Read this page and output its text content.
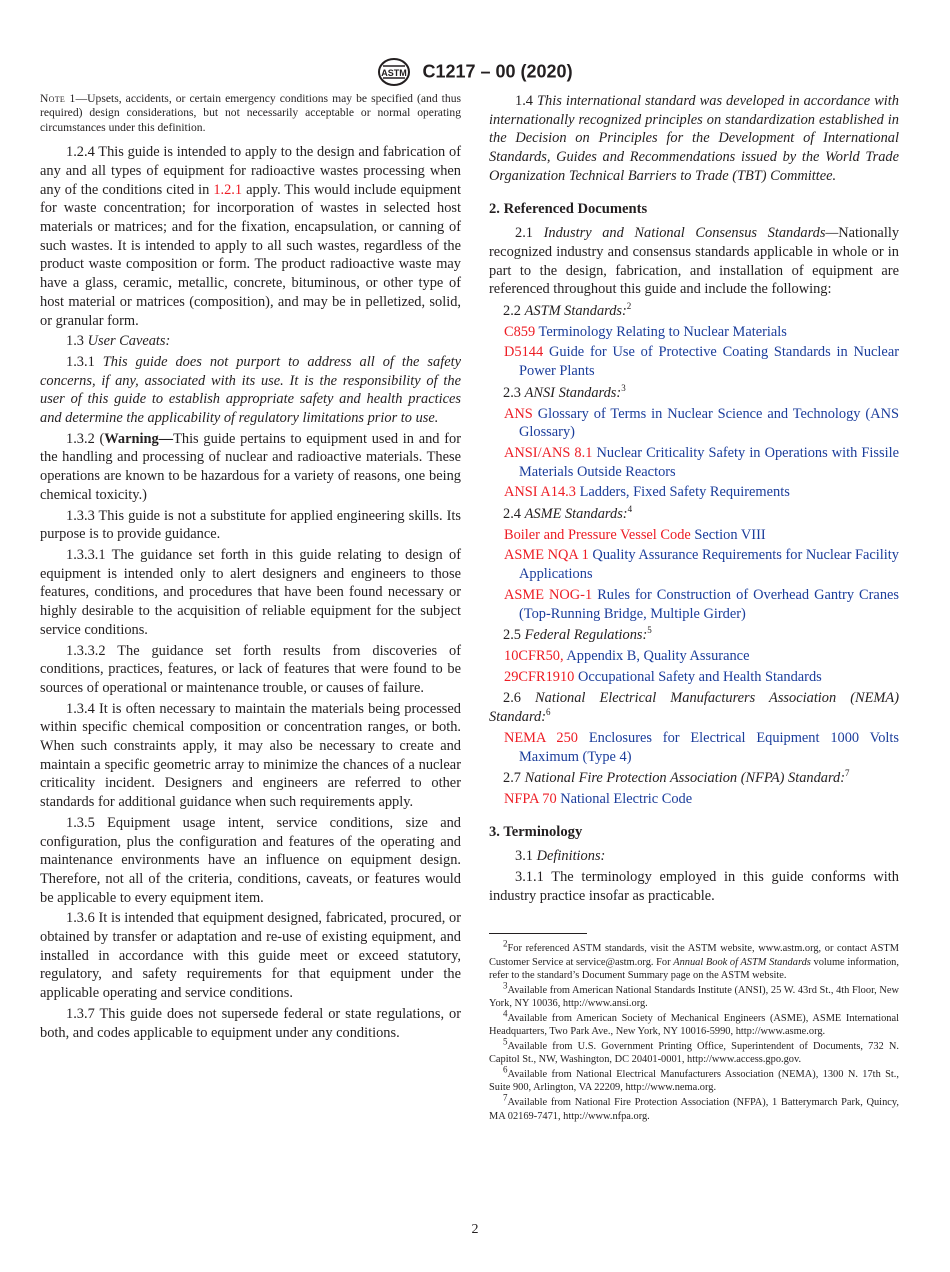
ASTM C1217 – 00 (2020)

Note 1—Upsets, accidents, or certain emergency conditions may be specified (and thus required) design considerations, but not necessarily acceptable or normal operating circumstances under this definition.

1.2.4 This guide is intended to apply to the design and fabrication of any and all types of equipment for radioactive wastes processing when any of the conditions cited in 1.2.1 apply. This would include equipment for waste concentration; for incorporation of wastes in selected host materials or matrices; and for the fixation, encapsulation, or canning of such wastes. It is intended to apply to all such wastes, regardless of the product waste composition or form. The product radioactive waste may have a glass, ceramic, metallic, concrete, bituminous, or other type of host material or matrices (composition), and may be in pelletized, solid, or granular form.

1.3 User Caveats:

1.3.1 This guide does not purport to address all of the safety concerns, if any, associated with its use. It is the responsibility of the user of this guide to establish appropriate safety and health practices and determine the applicability of regulatory limitations prior to use.

1.3.2 (Warning—This guide pertains to equipment used in and for the handling and processing of nuclear and radioactive materials. These operations are known to be hazardous for a variety of reasons, one being chemical toxicity.)

1.3.3 This guide is not a substitute for applied engineering skills. Its purpose is to provide guidance.

1.3.3.1 The guidance set forth in this guide relating to design of equipment is intended only to alert designers and engineers to those features, conditions, and procedures that have been found necessary or highly desirable to the acquisition of reliable equipment for the subject service conditions.

1.3.3.2 The guidance set forth results from discoveries of conditions, practices, features, or lack of features that were found to be sources of operational or maintenance trouble, or causes of failure.

1.3.4 It is often necessary to maintain the materials being processed within specific chemical composition or concentration ranges, or both. When such constraints apply, it may also be necessary to create and maintain a specific geometric array to minimize the chances of a nuclear criticality incident. Designers and engineers are referred to other standards for additional guidance when such requirements apply.

1.3.5 Equipment usage intent, service conditions, size and configuration, plus the configuration and features of the operating and maintenance environments have an influence on equipment design. Therefore, not all of the criteria, conditions, caveats, or features would be applicable to every equipment item.

1.3.6 It is intended that equipment designed, fabricated, procured, or obtained by transfer or adaptation and re-use of existing equipment, and installed in accordance with this guide meet or exceed statutory, regulatory, and safety requirements for that equipment under the applicable operating and service conditions.

1.3.7 This guide does not supersede federal or state regulations, or both, and codes applicable to equipment under any conditions.

1.4 This international standard was developed in accordance with internationally recognized principles on standardization established in the Decision on Principles for the Development of International Standards, Guides and Recommendations issued by the World Trade Organization Technical Barriers to Trade (TBT) Committee.

2. Referenced Documents

2.1 Industry and National Consensus Standards—Nationally recognized industry and consensus standards applicable in whole or in part to the design, fabrication, and installation of equipment are referenced throughout this guide and include the following:

2.2 ASTM Standards:$^2$

C859 Terminology Relating to Nuclear Materials

D5144 Guide for Use of Protective Coating Standards in Nuclear Power Plants

2.3 ANSI Standards:$^3$

ANS Glossary of Terms in Nuclear Science and Technology (ANS Glossary)

ANSI/ANS 8.1 Nuclear Criticality Safety in Operations with Fissile Materials Outside Reactors

ANSI A14.3 Ladders, Fixed Safety Requirements

2.4 ASME Standards:$^4$

Boiler and Pressure Vessel Code Section VIII

ASME NQA 1 Quality Assurance Requirements for Nuclear Facility Applications

ASME NOG-1 Rules for Construction of Overhead Gantry Cranes (Top-Running Bridge, Multiple Girder)

2.5 Federal Regulations:$^5$

10CFR50, Appendix B, Quality Assurance

29CFR1910 Occupational Safety and Health Standards

2.6 National Electrical Manufacturers Association (NEMA) Standard:$^6$

NEMA 250 Enclosures for Electrical Equipment 1000 Volts Maximum (Type 4)

2.7 National Fire Protection Association (NFPA) Standard:$^7$

NFPA 70 National Electric Code

3. Terminology

3.1 Definitions:

3.1.1 The terminology employed in this guide conforms with industry practice insofar as practicable.

$^2$For referenced ASTM standards, visit the ASTM website, www.astm.org, or contact ASTM Customer Service at service@astm.org. For Annual Book of ASTM Standards volume information, refer to the standard’s Document Summary page on the ASTM website.

$^3$Available from American National Standards Institute (ANSI), 25 W. 43rd St., 4th Floor, New York, NY 10036, http://www.ansi.org.

$^4$Available from American Society of Mechanical Engineers (ASME), ASME International Headquarters, Two Park Ave., New York, NY 10016-5990, http://www.asme.org.

$^5$Available from U.S. Government Printing Office, Superintendent of Documents, 732 N. Capitol St., NW, Washington, DC 20401-0001, http://www.access.gpo.gov.

$^6$Available from National Electrical Manufacturers Association (NEMA), 1300 N. 17th St., Suite 900, Arlington, VA 22209, http://www.nema.org.

$^7$Available from National Fire Protection Association (NFPA), 1 Batterymarch Park, Quincy, MA 02169-7471, http://www.nfpa.org.

2
